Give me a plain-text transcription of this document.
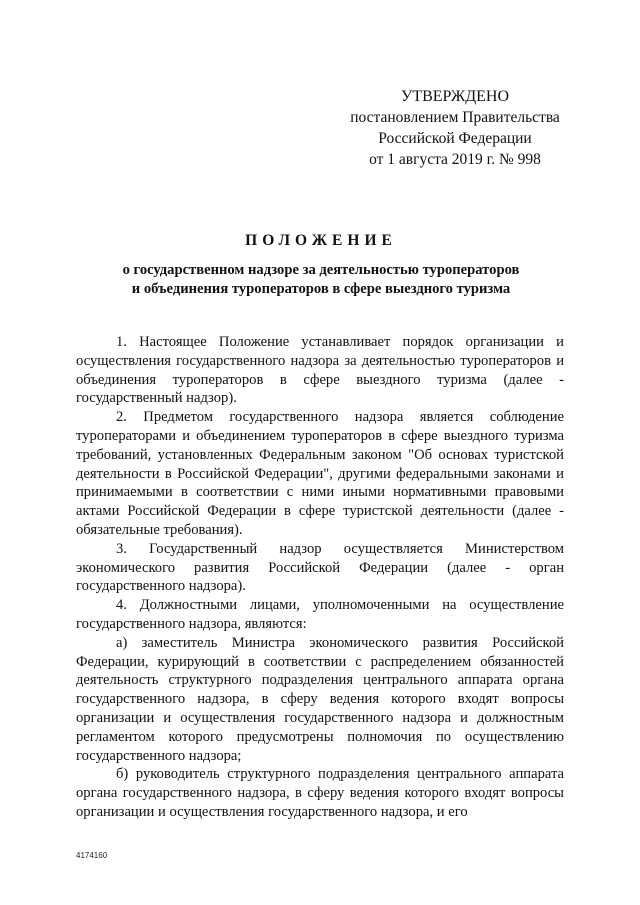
УТВЕРЖДЕНО
постановлением Правительства
Российской Федерации
от 1 августа 2019 г. № 998
ПОЛОЖЕНИЕ
о государственном надзоре за деятельностью туроператоров
и объединения туроператоров в сфере выездного туризма

1. Настоящее Положение устанавливает порядок организации и осуществления государственного надзора за деятельностью туроператоров и объединения туроператоров в сфере выездного туризма (далее - государственный надзор).

2. Предметом государственного надзора является соблюдение туроператорами и объединением туроператоров в сфере выездного туризма требований, установленных Федеральным законом "Об основах туристской деятельности в Российской Федерации", другими федеральными законами и принимаемыми в соответствии с ними иными нормативными правовыми актами Российской Федерации в сфере туристской деятельности (далее - обязательные требования).

3. Государственный надзор осуществляется Министерством экономического развития Российской Федерации (далее - орган государственного надзора).

4. Должностными лицами, уполномоченными на осуществление государственного надзора, являются:

а) заместитель Министра экономического развития Российской Федерации, курирующий в соответствии с распределением обязанностей деятельность структурного подразделения центрального аппарата органа государственного надзора, в сферу ведения которого входят вопросы организации и осуществления государственного надзора и должностным регламентом которого предусмотрены полномочия по осуществлению государственного надзора;

б) руководитель структурного подразделения центрального аппарата органа государственного надзора, в сферу ведения которого входят вопросы организации и осуществления государственного надзора, и его

4174160
